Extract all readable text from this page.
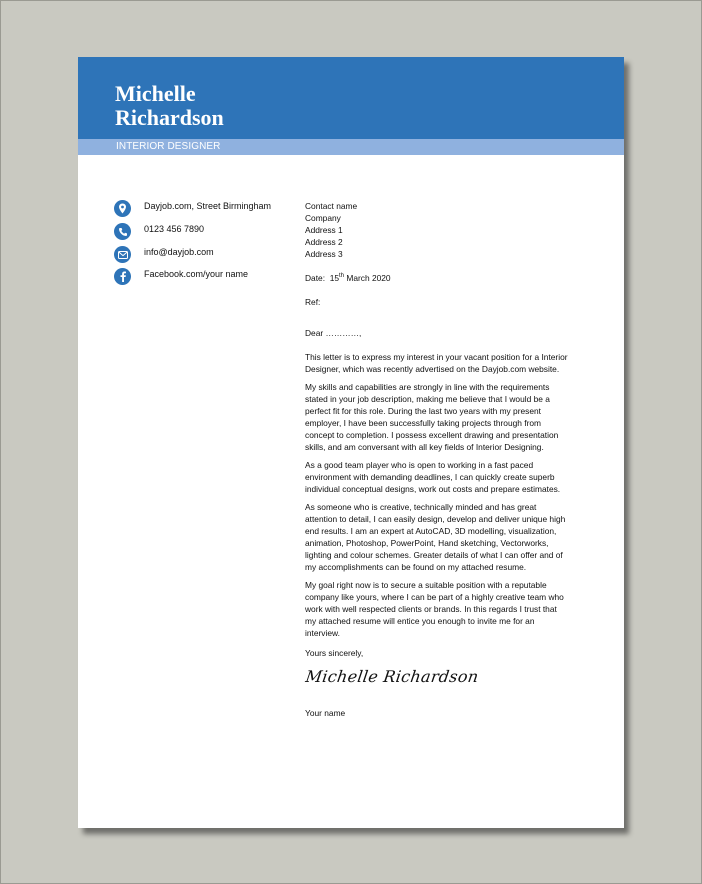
Michelle
Richardson
INTERIOR DESIGNER
Dayjob.com, Street Birmingham
0123 456 7890
info@dayjob.com
Facebook.com/your name
Contact name
Company
Address 1
Address 2
Address 3
Date: 15th March 2020
Ref:
Dear …………,

This letter is to express my interest in your vacant position for a Interior Designer, which was recently advertised on the Dayjob.com website.

My skills and capabilities are strongly in line with the requirements stated in your job description, making me believe that I would be a perfect fit for this role. During the last two years with my present employer, I have been successfully taking projects through from concept to completion. I possess excellent drawing and presentation skills, and am conversant with all key fields of Interior Designing.

As a good team player who is open to working in a fast paced environment with demanding deadlines, I can quickly create superb individual conceptual designs, work out costs and prepare estimates.

As someone who is creative, technically minded and has great attention to detail, I can easily design, develop and deliver unique high end results. I am an expert at AutoCAD, 3D modelling, visualization, animation, Photoshop, PowerPoint, Hand sketching, Vectorworks, lighting and colour schemes. Greater details of what I can offer and of my accomplishments can be found on my attached resume.

My goal right now is to secure a suitable position with a reputable company like yours, where I can be part of a highly creative team who work with well respected clients or brands. In this regards I trust that my attached resume will entice you enough to invite me for an interview.

Yours sincerely,
Michelle Richardson
Your name
